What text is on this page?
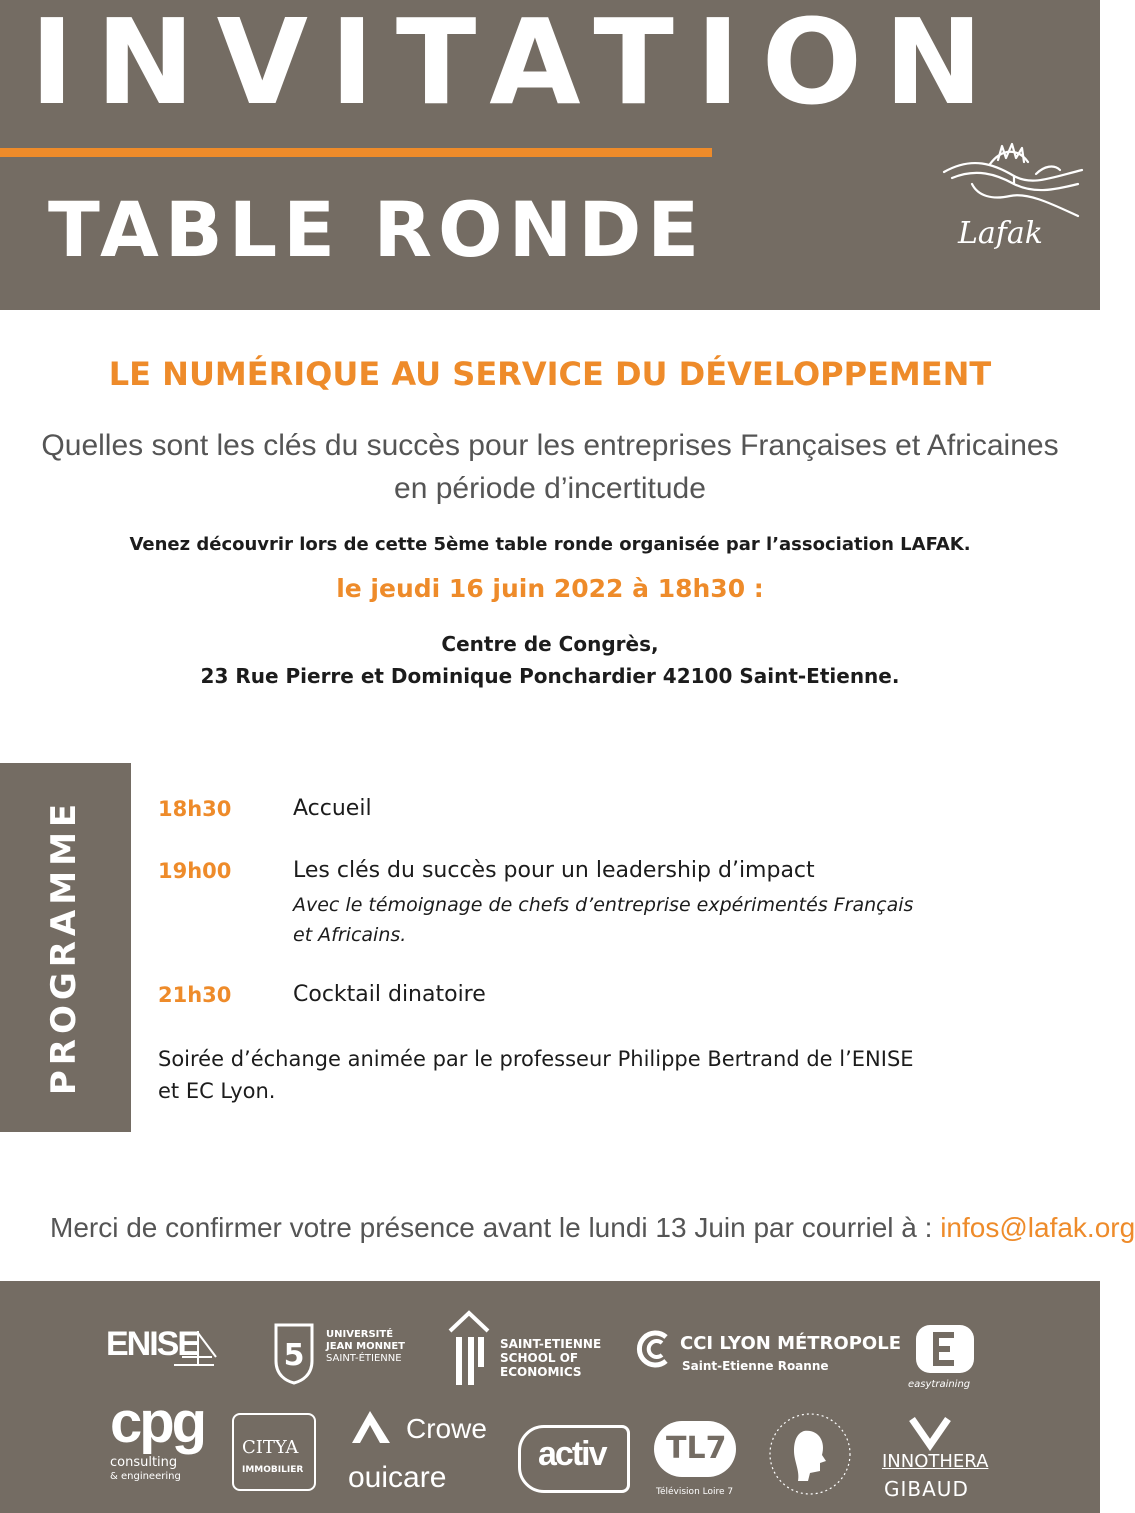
INVITATION
TABLE RONDE	Lafak
LE NUMÉRIQUE AU SERVICE DU DÉVELOPPEMENT
Quelles sont les clés du succès pour les entreprises Françaises et Africaines
en période d’incertitude

Venez découvrir lors de cette 5ème table ronde organisée par l’association LAFAK.

le jeudi 16 juin 2022 à 18h30 :

Centre de Congrès,
23 Rue Pierre et Dominique Ponchardier 42100 Saint-Etienne.
PROGRAMME	18h30	Accueil
19h00	Les clés du succès pour un leadership d’impact
Avec le témoignage de chefs d’entreprise expérimentés Français
et Africains.
21h30	Cocktail dinatoire
Soirée d’échange animée par le professeur Philippe Bertrand de l’ENISE
et EC Lyon.
Merci de confirmer votre présence avant le lundi 13 Juin par courriel à : infos@lafak.org
ENISE	5
UNIVERSITÉ
JEAN MONNET
SAINT-ÉTIENNE
SAINT-ETIENNE
SCHOOL OF
ECONOMICS
CCI LYON MÉTROPOLE
Saint-Etienne Roanne
easytraining
cpg
consulting
& engineering
CITYA
IMMOBILIER
Crowe
ouicare
activ TL7
Télévision Loire 7
INNOTHERA
GIBAUD
